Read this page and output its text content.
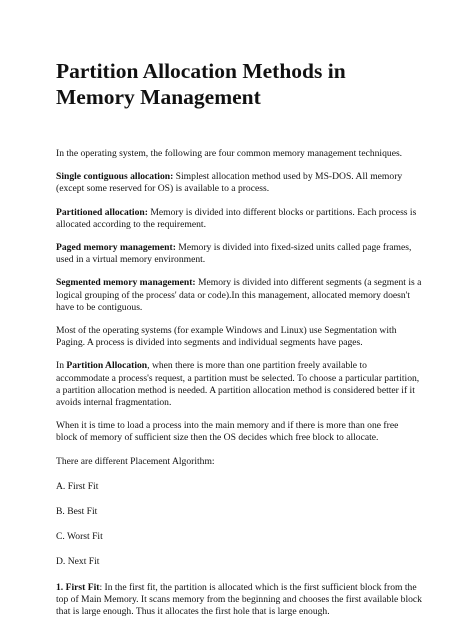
Partition Allocation Methods in Memory Management

In the operating system, the following are four common memory management techniques.

Single contiguous allocation: Simplest allocation method used by MS-DOS. All memory (except some reserved for OS) is available to a process.

Partitioned allocation: Memory is divided into different blocks or partitions. Each process is allocated according to the requirement.

Paged memory management: Memory is divided into fixed-sized units called page frames, used in a virtual memory environment.

Segmented memory management: Memory is divided into different segments (a segment is a logical grouping of the process' data or code).In this management, allocated memory doesn't have to be contiguous.

Most of the operating systems (for example Windows and Linux) use Segmentation with Paging. A process is divided into segments and individual segments have pages.

In Partition Allocation, when there is more than one partition freely available to accommodate a process's request, a partition must be selected. To choose a particular partition, a partition allocation method is needed. A partition allocation method is considered better if it avoids internal fragmentation.

When it is time to load a process into the main memory and if there is more than one free block of memory of sufficient size then the OS decides which free block to allocate.

There are different Placement Algorithm:

A. First Fit

B. Best Fit

C. Worst Fit

D. Next Fit

1. First Fit: In the first fit, the partition is allocated which is the first sufficient block from the top of Main Memory. It scans memory from the beginning and chooses the first available block that is large enough. Thus it allocates the first hole that is large enough.
